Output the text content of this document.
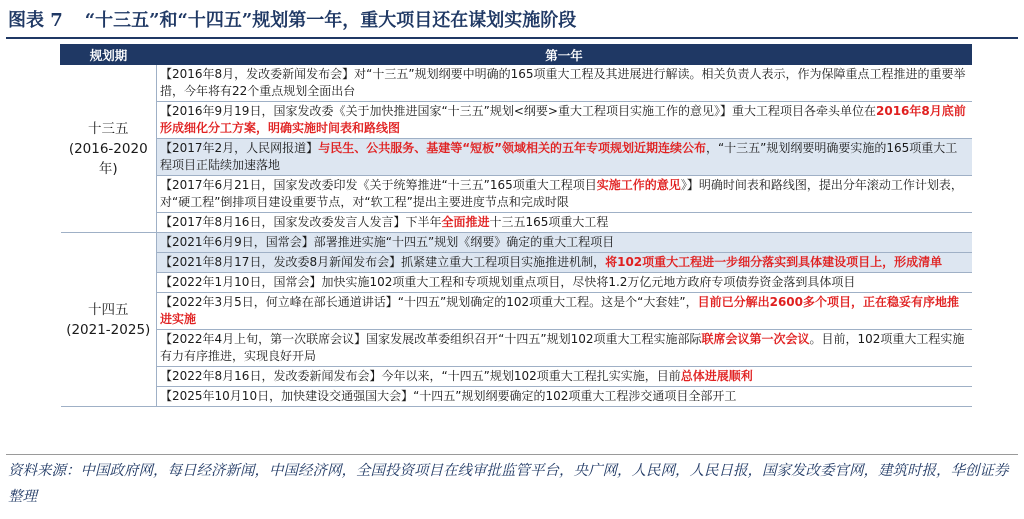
图表 7 “十三五”和“十四五”规划第一年，重大项目还在谋划实施阶段
规划期	第一年

十三五
(2016-2020年)	【2016年8月，发改委新闻发布会】对“十三五”规划纲要中明确的165项重大工程及其进展进行解读。相关负责人表示，作为保障重点工程推进的重要举措，今年将有22个重点规划全面出台
	【2016年9月19日，国家发改委《关于加快推进国家“十三五”规划<纲要>重大工程项目实施工作的意见》】重大工程项目各牵头单位在2016年8月底前形成细化分工方案，明确实施时间表和路线图
	【2017年2月，人民网报道】与民生、公共服务、基建等“短板”领域相关的五年专项规划近期连续公布，“十三五”规划纲要明确要实施的165项重大工程项目正陆续加速落地
	【2017年6月21日，国家发改委印发《关于统筹推进“十三五”165项重大工程项目实施工作的意见》】明确时间表和路线图，提出分年滚动工作计划表，对“硬工程”倒排项目建设重要节点，对“软工程”提出主要进度节点和完成时限
	【2017年8月16日，国家发改委发言人发言】下半年全面推进十三五165项重大工程

十四五
(2021-2025)	【2021年6月9日，国常会】部署推进实施“十四五”规划《纲要》确定的重大工程项目
	【2021年8月17日，发改委8月新闻发布会】抓紧建立重大工程项目实施推进机制，将102项重大工程进一步细分落实到具体建设项目上，形成清单
	【2022年1月10日，国常会】加快实施102项重大工程和专项规划重点项目，尽快将1.2万亿元地方政府专项债券资金落到具体项目
	【2022年3月5日，何立峰在部长通道讲话】“十四五”规划确定的102项重大工程。这是个“大套娃”，目前已分解出2600多个项目，正在稳妥有序地推进实施
	【2022年4月上旬，第一次联席会议】国家发展改革委组织召开“十四五”规划102项重大工程实施部际联席会议第一次会议。目前，102项重大工程实施有力有序推进，实现良好开局
	【2022年8月16日，发改委新闻发布会】今年以来，“十四五”规划102项重大工程扎实实施，目前总体进展顺利
	【2025年10月10日，加快建设交通强国大会】“十四五”规划纲要确定的102项重大工程涉交通项目全部开工
资料来源：中国政府网，每日经济新闻，中国经济网，全国投资项目在线审批监管平台，央广网，人民网，人民日报，国家发改委官网，建筑时报，华创证券整理
